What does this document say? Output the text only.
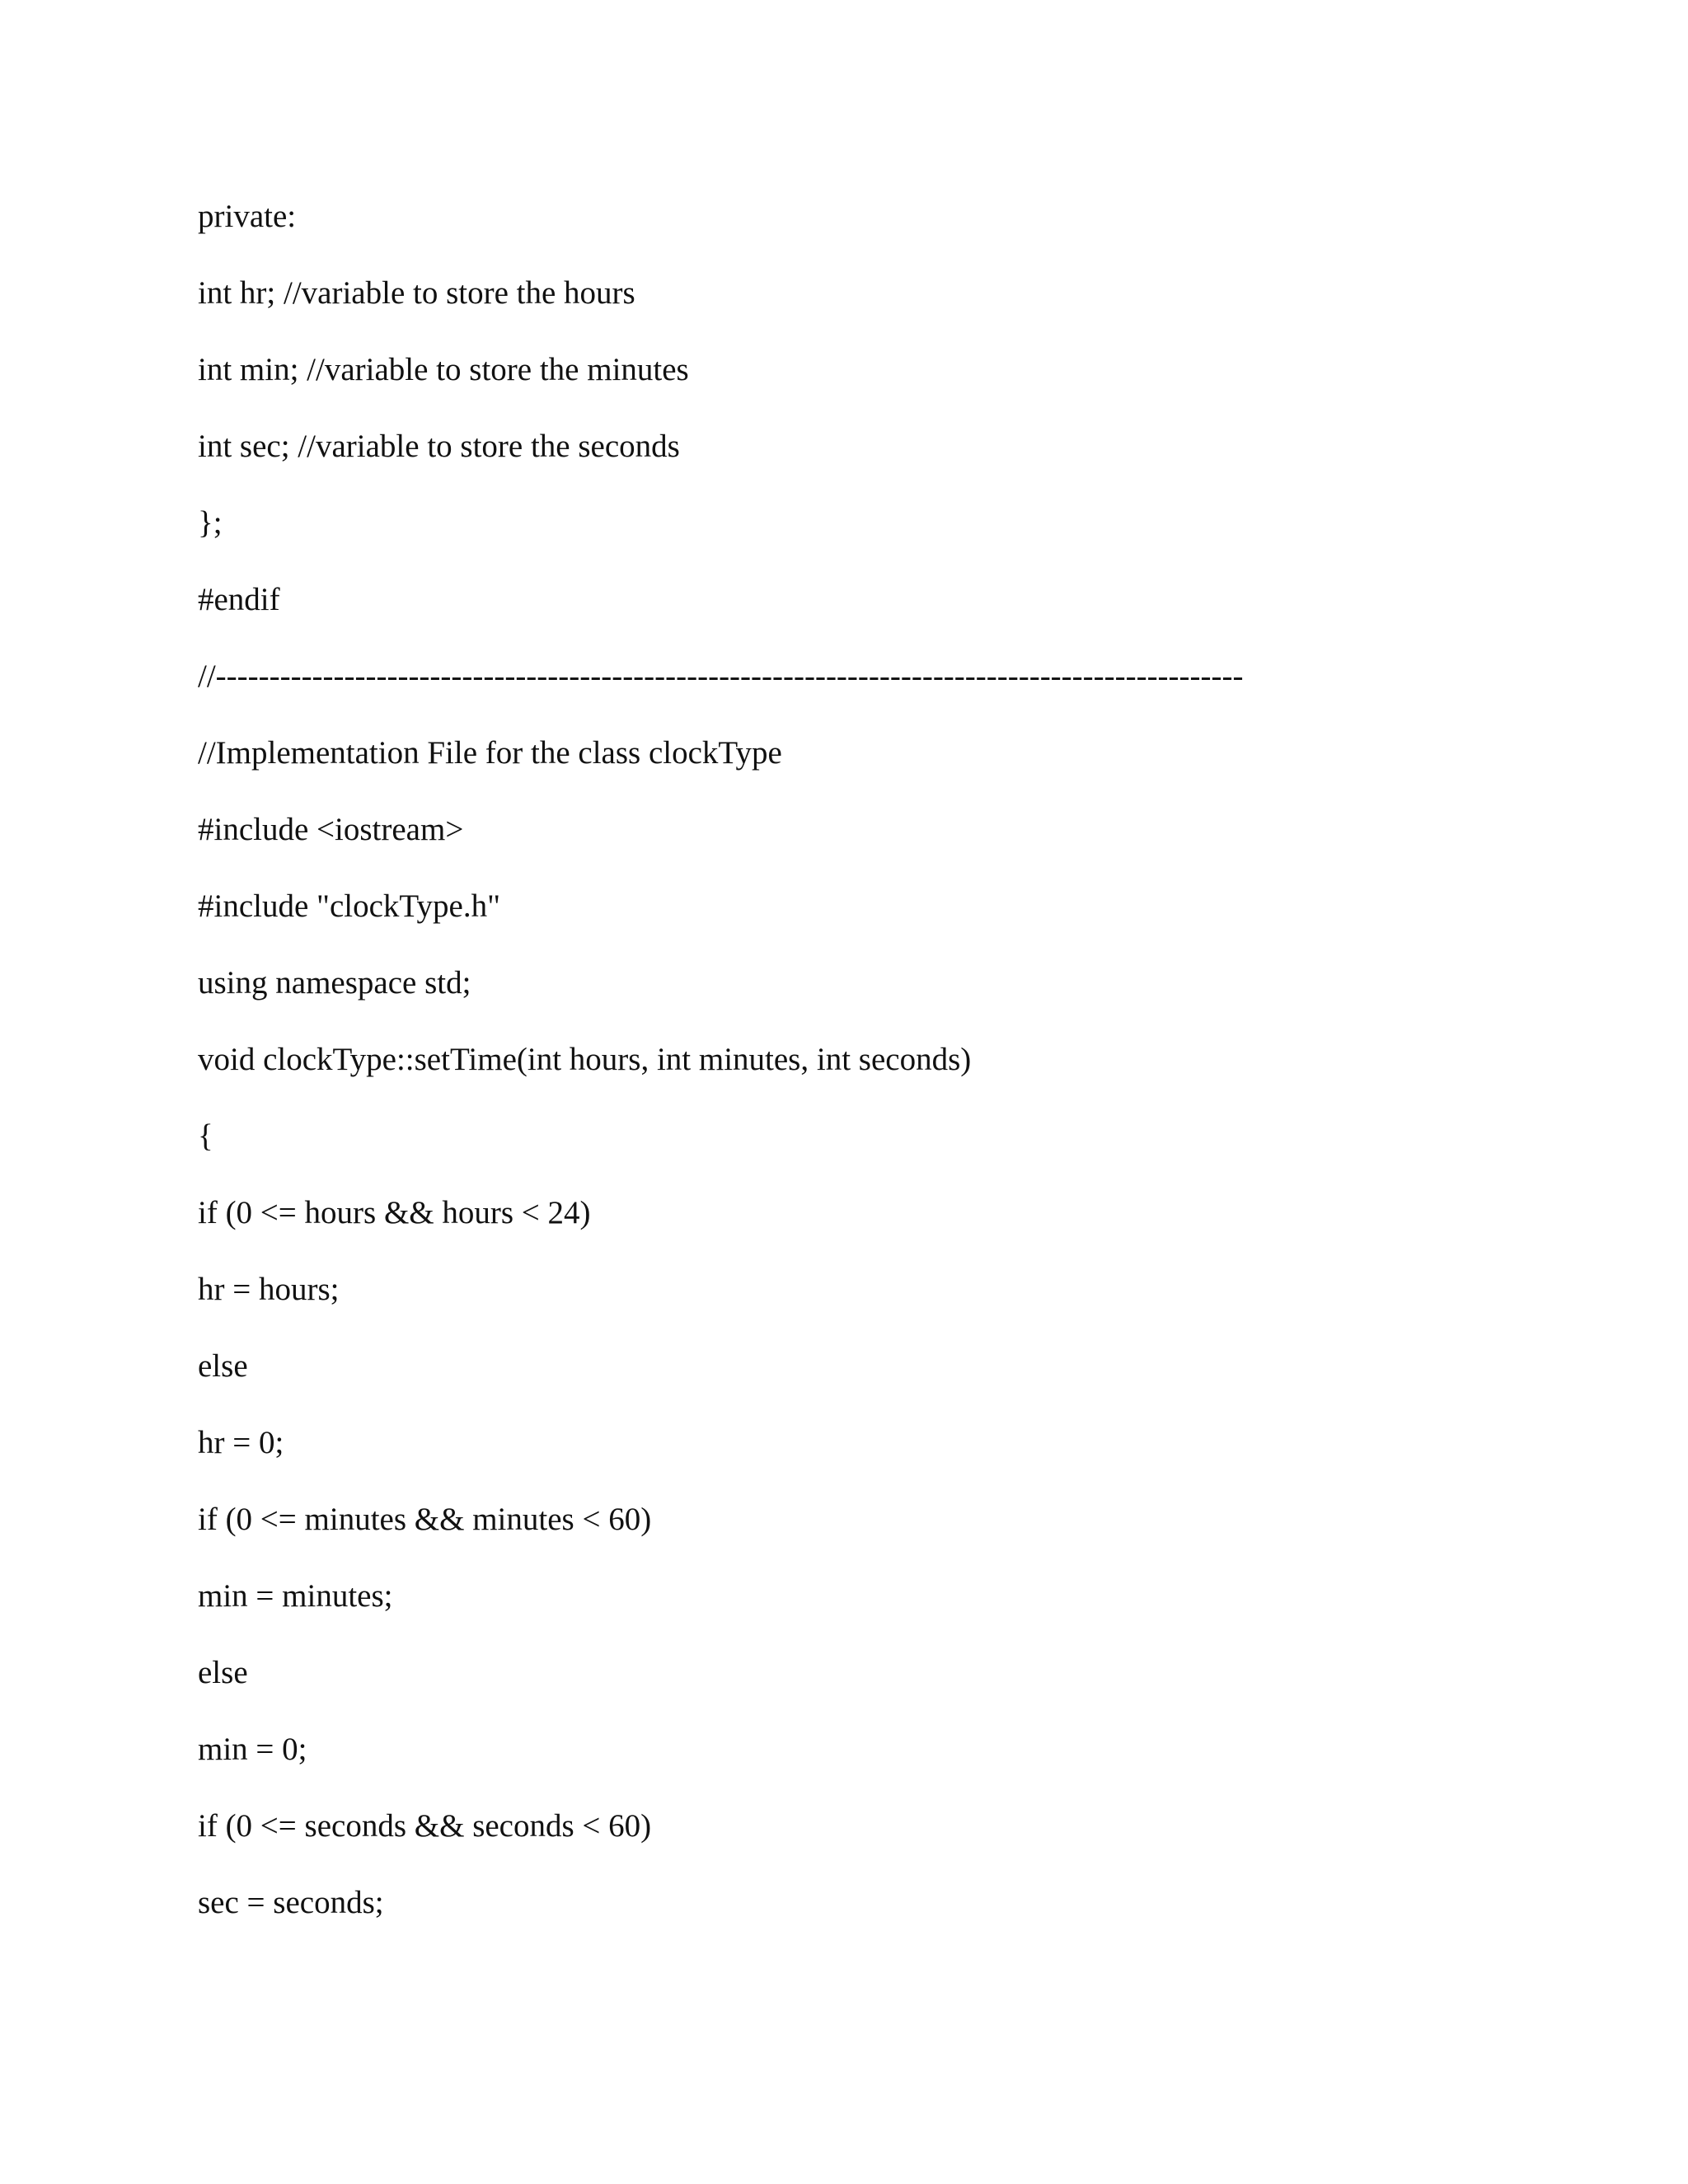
private:
int hr; //variable to store the hours
int min; //variable to store the minutes
int sec; //variable to store the seconds
};
#endif
//------------------------------------------------------------------------------------------------
//Implementation File for the class clockType
#include <iostream>
#include "clockType.h"
using namespace std;
void clockType::setTime(int hours, int minutes, int seconds)
{
if (0 <= hours && hours < 24)
hr = hours;
else
hr = 0;
if (0 <= minutes && minutes < 60)
min = minutes;
else
min = 0;
if (0 <= seconds && seconds < 60)
sec = seconds;
